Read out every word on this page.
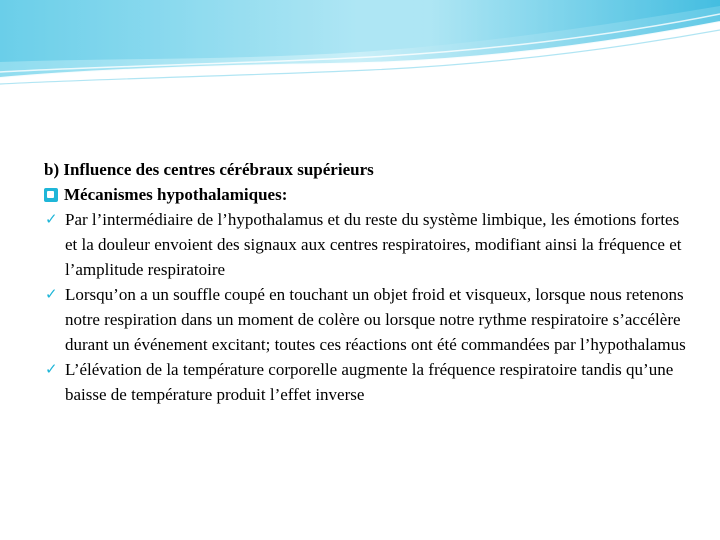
b) Influence des centres cérébraux supérieurs

Mécanismes hypothalamiques:

✓ Par l’intermédiaire de l’hypothalamus et du reste du système limbique, les émotions fortes et la douleur envoient des signaux aux centres respiratoires, modifiant ainsi la fréquence et l’amplitude respiratoire

✓ Lorsqu’on a un souffle coupé en touchant un objet froid et visqueux, lorsque nous retenons notre respiration dans un moment de colère ou lorsque notre rythme respiratoire s’accélère durant un événement excitant; toutes ces réactions ont été commandées par l’hypothalamus

✓ L’élévation de la température corporelle augmente la fréquence respiratoire tandis qu’une baisse de température produit l’effet inverse
